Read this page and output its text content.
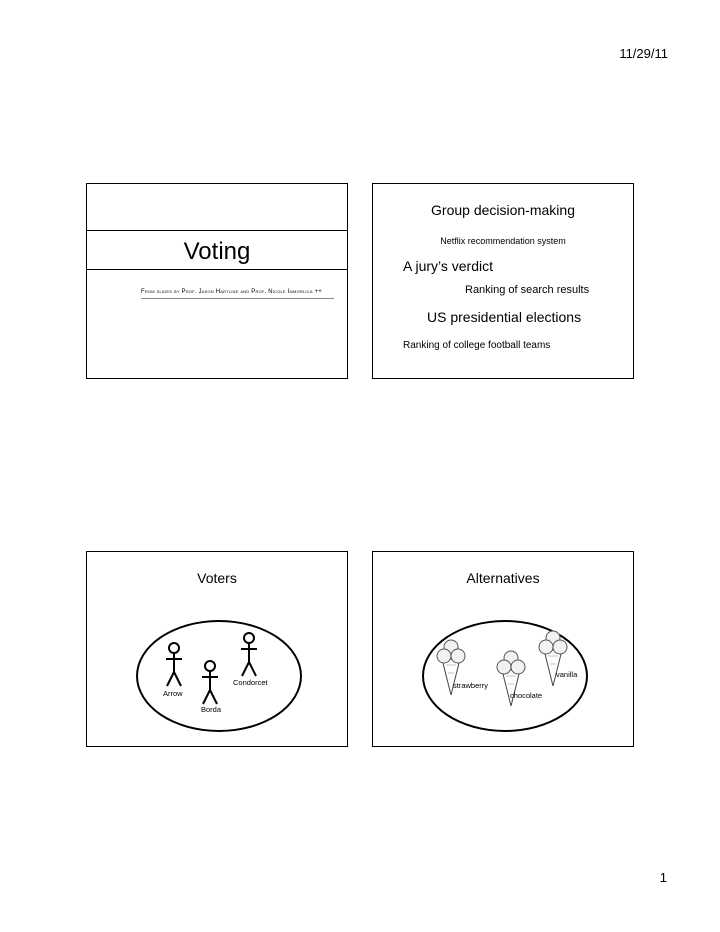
11/29/11
Voting
From slides by Prof. Jason Hartline and Prof. Nicole Immorlica ++
Group decision-making
Netflix recommendation system
A jury’s verdict
Ranking of search results
US presidential elections
Ranking of college football teams
Voters
Condorcet
Arrow
Borda
Alternatives
vanilla
strawberry
chocolate
1
